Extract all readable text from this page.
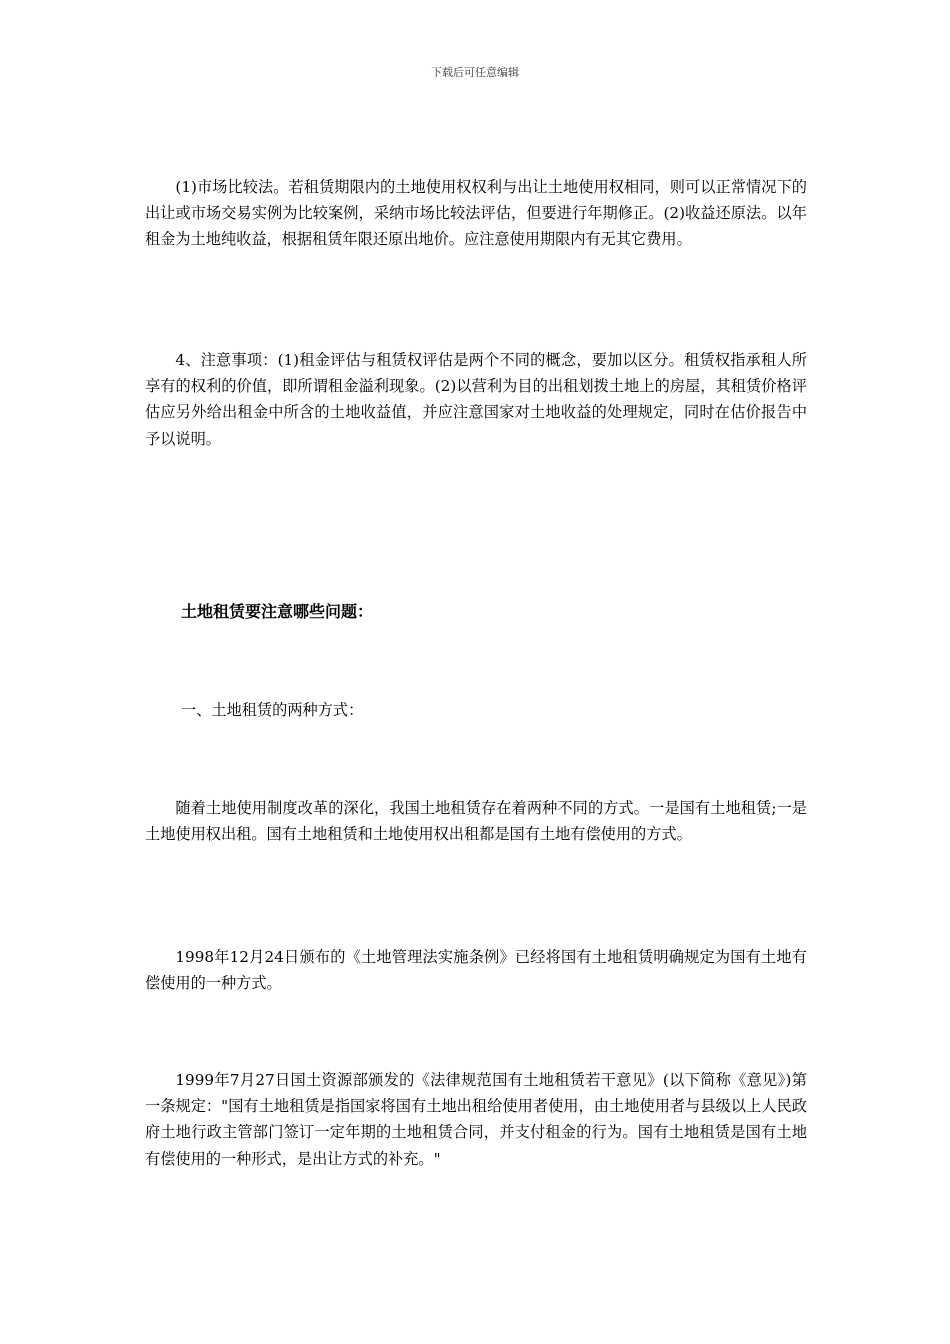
下载后可任意编辑

(1)市场比较法。若租赁期限内的土地使用权权利与出让土地使用权相同，则可以正常情况下的出让或市场交易实例为比较案例，采纳市场比较法评估，但要进行年期修正。(2)收益还原法。以年租金为土地纯收益，根据租赁年限还原出地价。应注意使用期限内有无其它费用。

4、注意事项：(1)租金评估与租赁权评估是两个不同的概念，要加以区分。租赁权指承租人所享有的权利的价值，即所谓租金溢利现象。(2)以营利为目的出租划拨土地上的房屋，其租赁价格评估应另外给出租金中所含的土地收益值，并应注意国家对土地收益的处理规定，同时在估价报告中予以说明。

土地租赁要注意哪些问题：

一、土地租赁的两种方式：

随着土地使用制度改革的深化，我国土地租赁存在着两种不同的方式。一是国有土地租赁;一是土地使用权出租。国有土地租赁和土地使用权出租都是国有土地有偿使用的方式。

1998年12月24日颁布的《土地管理法实施条例》已经将国有土地租赁明确规定为国有土地有偿使用的一种方式。

1999年7月27日国土资源部颁发的《法律规范国有土地租赁若干意见》(以下简称《意见》)第一条规定："国有土地租赁是指国家将国有土地出租给使用者使用，由土地使用者与县级以上人民政府土地行政主管部门签订一定年期的土地租赁合同，并支付租金的行为。国有土地租赁是国有土地有偿使用的一种形式，是出让方式的补充。"
